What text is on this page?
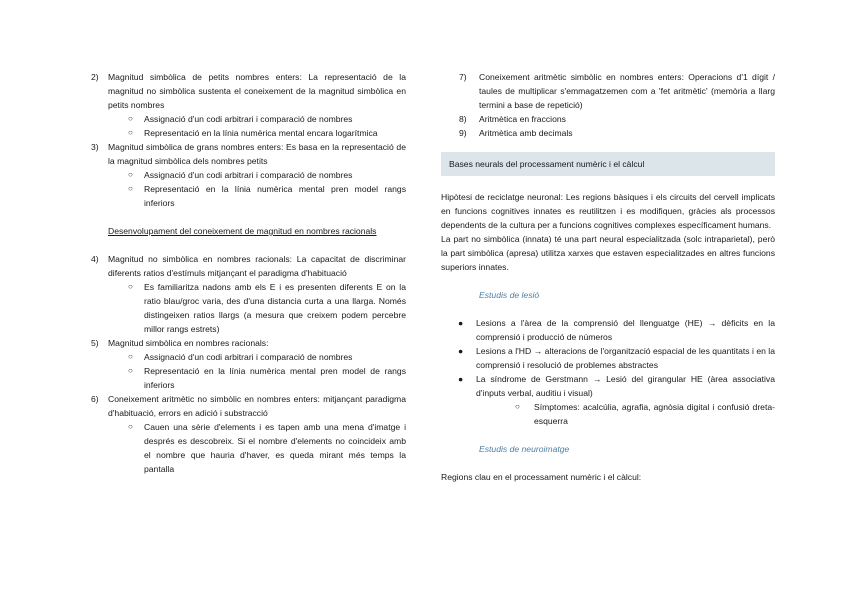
2) Magnitud simbòlica de petits nombres enters: La representació de la magnitud no simbòlica sustenta el coneixement de la magnitud simbòlica en petits nombres
○ Assignació d'un codi arbitrari i comparació de nombres
○ Representació en la línia numèrica mental encara logarítmica
3) Magnitud simbòlica de grans nombres enters: Es basa en la representació de la magnitud simbòlica dels nombres petits
○ Assignació d'un codi arbitrari i comparació de nombres
○ Representació en la línia numèrica mental pren model rangs inferiors

Desenvolupament del coneixement de magnitud en nombres racionals

4) Magnitud no simbòlica en nombres racionals: La capacitat de discriminar diferents ratios d'estímuls mitjançant el paradigma d'habituació
○ Es familiaritza nadons amb els E i es presenten diferents E on la ratio blau/groc varia, des d'una distancia curta a una llarga. Només distingeixen ratios llargs (a mesura que creixem podem percebre millor rangs estrets)
5) Magnitud simbòlica en nombres racionals:
○ Assignació d'un codi arbitrari i comparació de nombres
○ Representació en la línia numèrica mental pren model de rangs inferiors
6) Coneixement aritmètic no simbòlic en nombres enters: mitjançant paradigma d'habituació, errors en adició i substracció
○ Cauen una sèrie d'elements i es tapen amb una mena d'imatge i després es descobreix. Si el nombre d'elements no coincideix amb el nombre que hauria d'haver, es queda mirant més temps la pantalla
7) Coneixement aritmètic simbòlic en nombres enters: Operacions d'1 dígit / taules de multiplicar s'emmagatzemen com a 'fet aritmètic' (memòria a llarg termini a base de repetició)
8) Aritmètica en fraccions
9) Aritmètica amb decimals
Bases neurals del processament numèric i el càlcul

Hipòtesi de reciclatge neuronal: Les regions bàsiques i els circuits del cervell implicats en funcions cognitives innates es reutilitzen i es modifiquen, gràcies als processos dependents de la cultura per a funcions cognitives complexes específicament humans.

La part no simbòlica (innata) té una part neural especialitzada (solc intraparietal), però la part simbòlica (apresa) utilitza xarxes que estaven especialitzades en altres funcions superiors innates.

Estudis de lesió

● Lesions a l'àrea de la comprensió del llenguatge (HE) → dèficits en la comprensió i producció de números
● Lesions a l'HD → alteracions de l'organització espacial de les quantitats i en la comprensió i resolució de problemes abstractes
● La síndrome de Gerstmann → Lesió del girangular HE (àrea associativa d'inputs verbal, auditiu i visual)
○ Símptomes: acalcúlia, agrafia, agnòsia digital i confusió dreta-esquerra

Estudis de neuroimatge

Regions clau en el processament numèric i el càlcul:
